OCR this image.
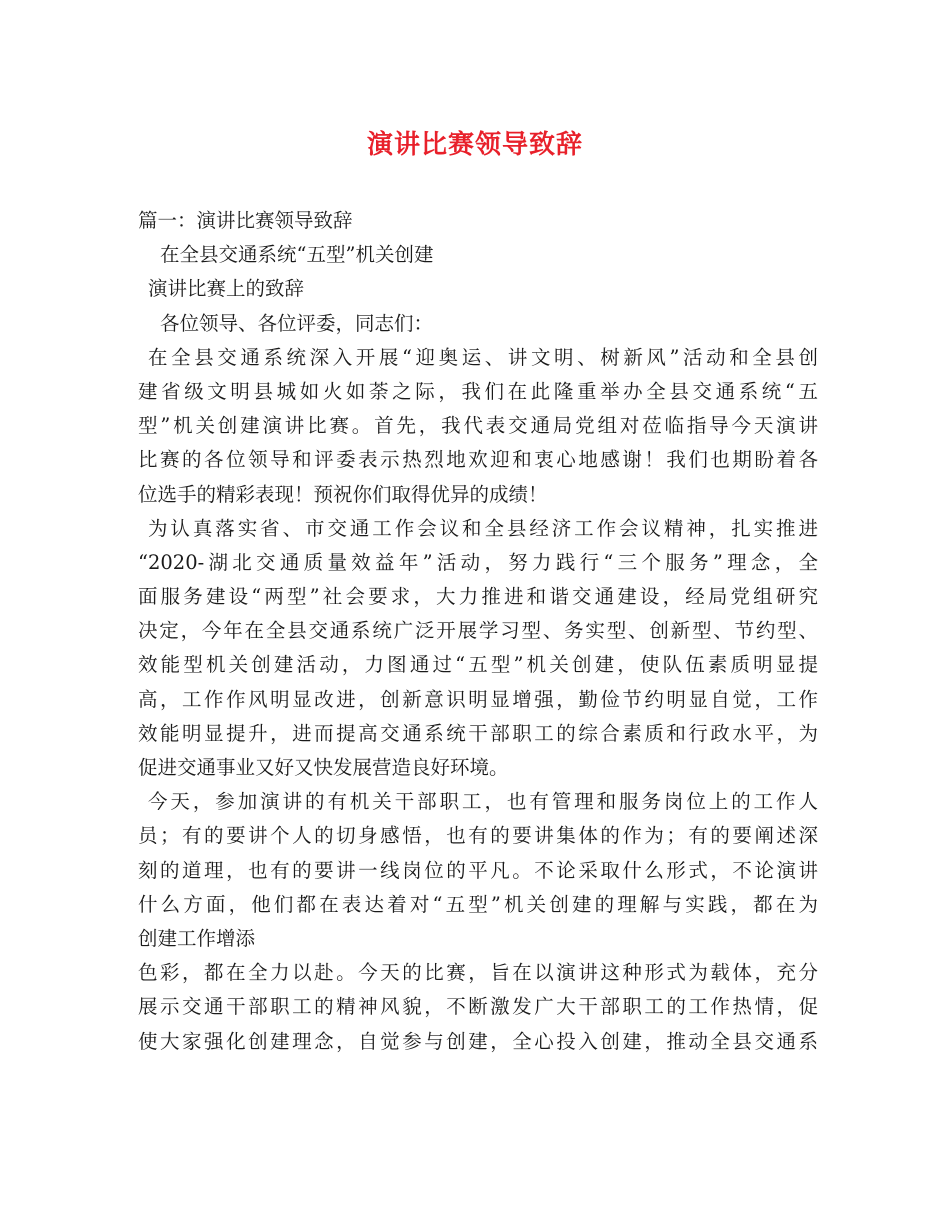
演讲比赛领导致辞
篇一：演讲比赛领导致辞
在全县交通系统“五型”机关创建
演讲比赛上的致辞
各位领导、各位评委，同志们：
在全县交通系统深入开展“迎奥运、讲文明、树新风”活动和全县创
建省级文明县城如火如荼之际，我们在此隆重举办全县交通系统“五
型”机关创建演讲比赛。首先，我代表交通局党组对莅临指导今天演讲
比赛的各位领导和评委表示热烈地欢迎和衷心地感谢！我们也期盼着各
位选手的精彩表现！预祝你们取得优异的成绩！
为认真落实省、市交通工作会议和全县经济工作会议精神，扎实推进
“2020-湖北交通质量效益年”活动，努力践行“三个服务”理念，全
面服务建设“两型”社会要求，大力推进和谐交通建设，经局党组研究
决定，今年在全县交通系统广泛开展学习型、务实型、创新型、节约型、
效能型机关创建活动，力图通过“五型”机关创建，使队伍素质明显提
高，工作作风明显改进，创新意识明显增强，勤俭节约明显自觉，工作
效能明显提升，进而提高交通系统干部职工的综合素质和行政水平，为
促进交通事业又好又快发展营造良好环境。
今天，参加演讲的有机关干部职工，也有管理和服务岗位上的工作人
员；有的要讲个人的切身感悟，也有的要讲集体的作为；有的要阐述深
刻的道理，也有的要讲一线岗位的平凡。不论采取什么形式，不论演讲
什么方面，他们都在表达着对“五型”机关创建的理解与实践，都在为
创建工作增添
色彩，都在全力以赴。今天的比赛，旨在以演讲这种形式为载体，充分
展示交通干部职工的精神风貌，不断激发广大干部职工的工作热情，促
使大家强化创建理念，自觉参与创建，全心投入创建，推动全县交通系
